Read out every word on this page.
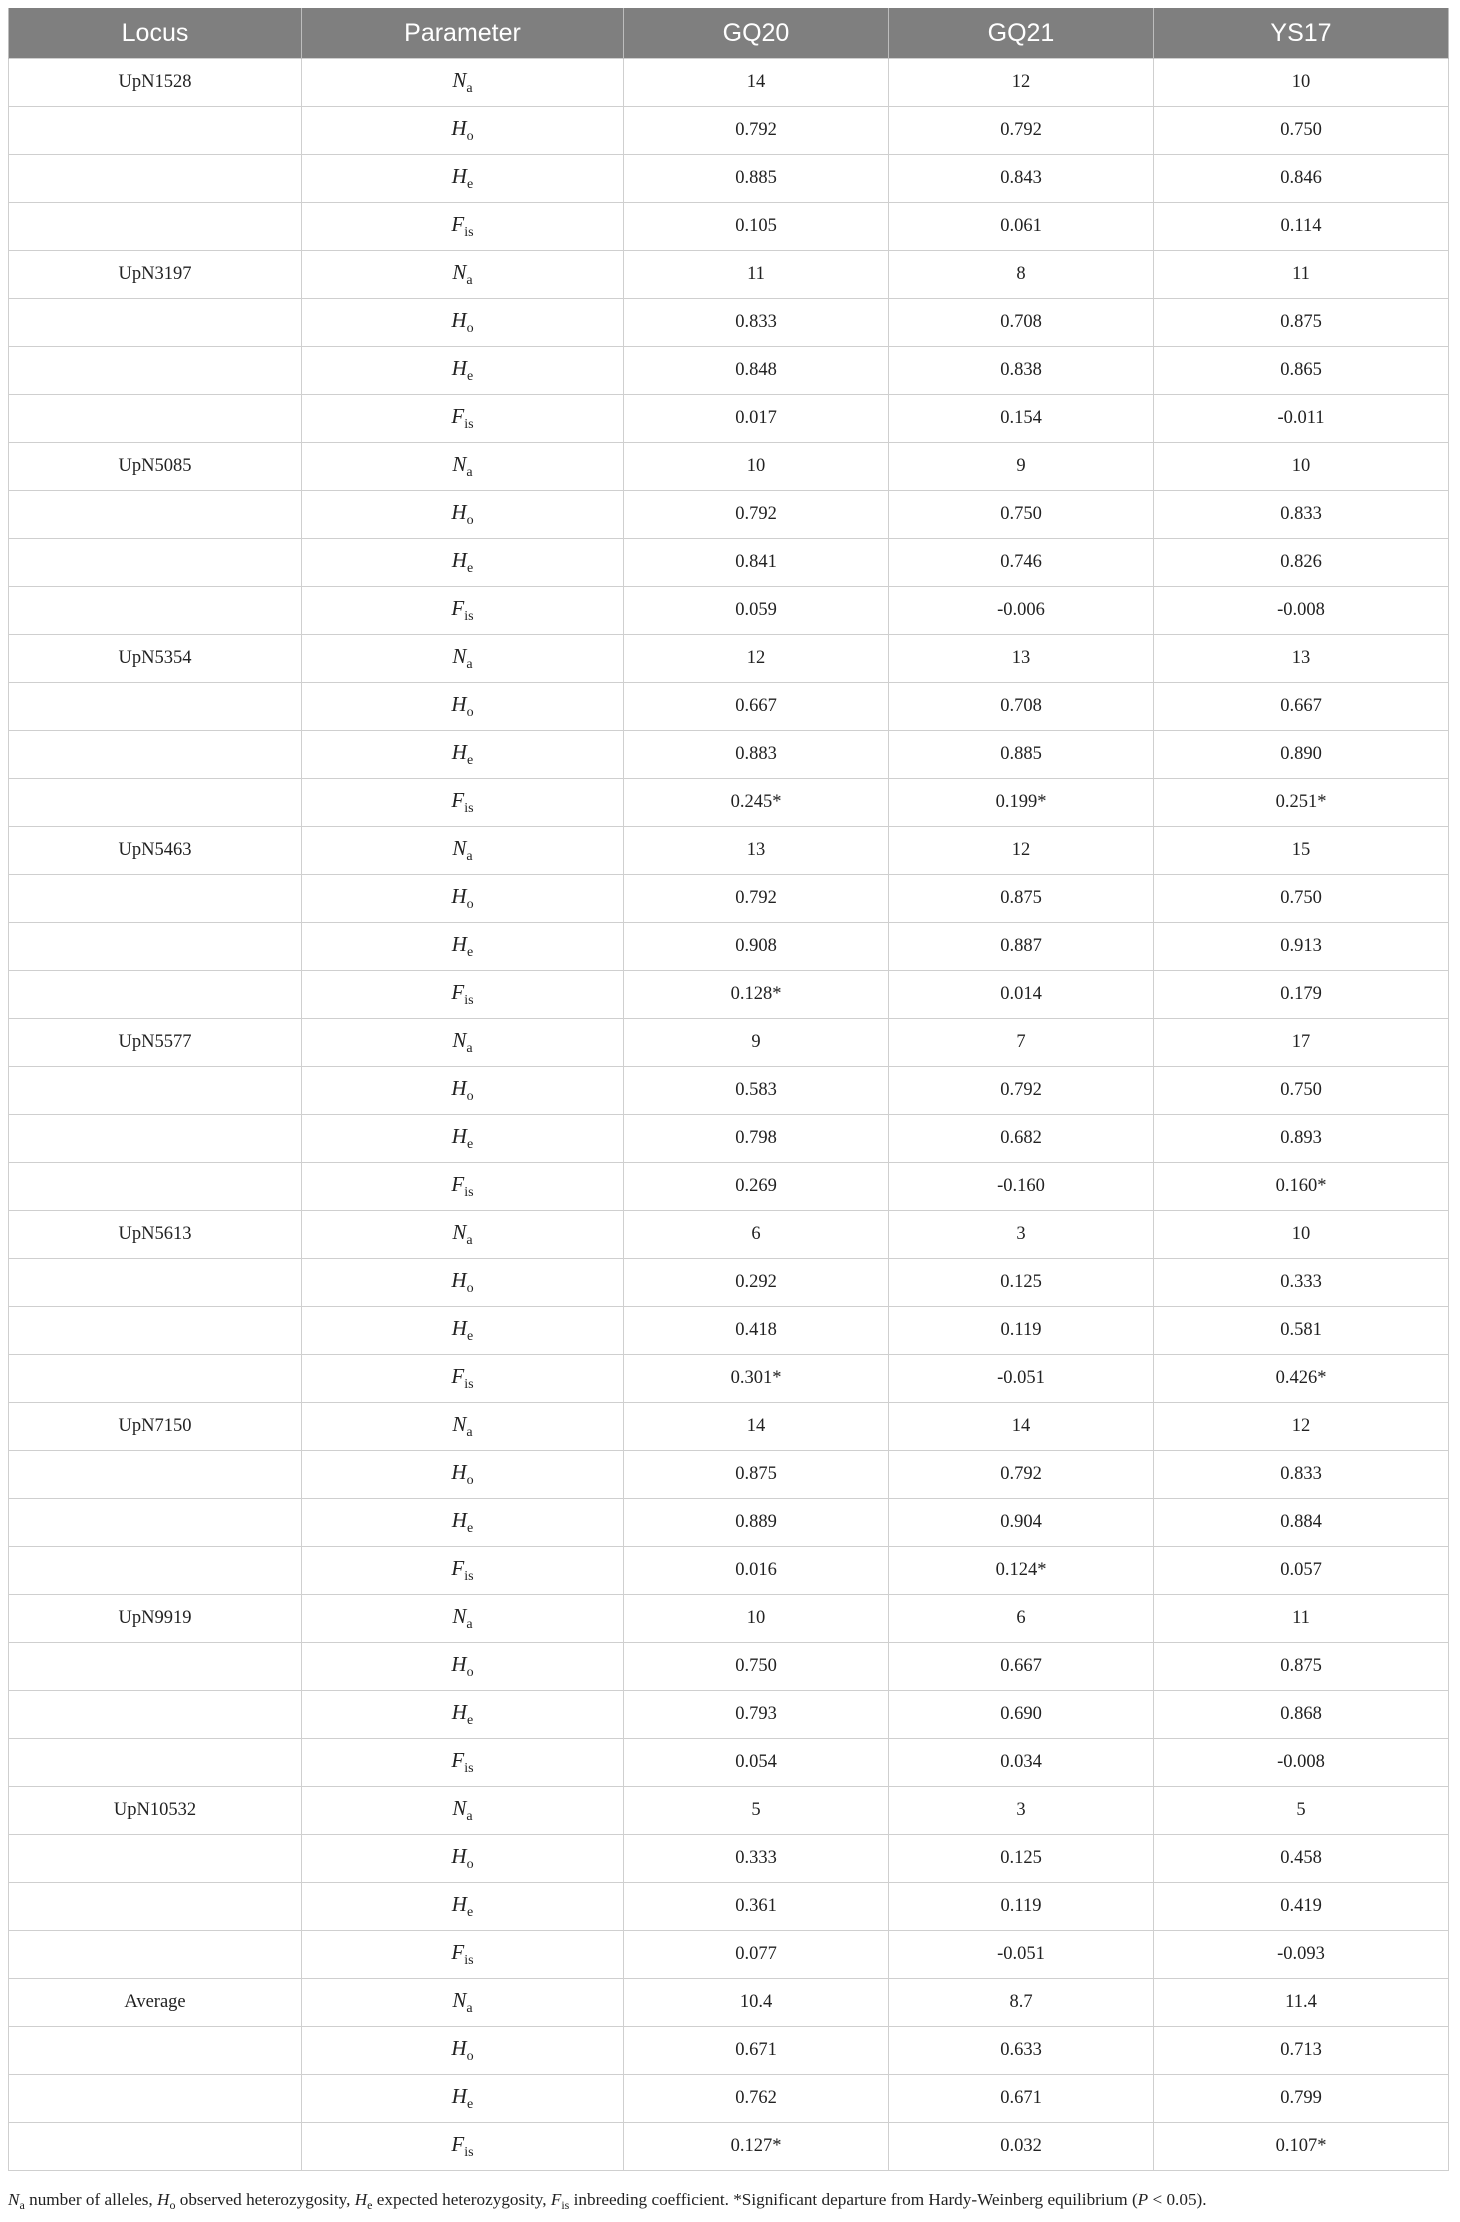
Locus	Parameter	GQ20	GQ21	YS17
UpN1528	$N_a$	14	12	10
	$H_o$	0.792	0.792	0.750
	$H_e$	0.885	0.843	0.846
	$F_{is}$	0.105	0.061	0.114
UpN3197	$N_a$	11	8	11
	$H_o$	0.833	0.708	0.875
	$H_e$	0.848	0.838	0.865
	$F_{is}$	0.017	0.154	-0.011
UpN5085	$N_a$	10	9	10
	$H_o$	0.792	0.750	0.833
	$H_e$	0.841	0.746	0.826
	$F_{is}$	0.059	-0.006	-0.008
UpN5354	$N_a$	12	13	13
	$H_o$	0.667	0.708	0.667
	$H_e$	0.883	0.885	0.890
	$F_{is}$	0.245*	0.199*	0.251*
UpN5463	$N_a$	13	12	15
	$H_o$	0.792	0.875	0.750
	$H_e$	0.908	0.887	0.913
	$F_{is}$	0.128*	0.014	0.179
UpN5577	$N_a$	9	7	17
	$H_o$	0.583	0.792	0.750
	$H_e$	0.798	0.682	0.893
	$F_{is}$	0.269	-0.160	0.160*
UpN5613	$N_a$	6	3	10
	$H_o$	0.292	0.125	0.333
	$H_e$	0.418	0.119	0.581
	$F_{is}$	0.301*	-0.051	0.426*
UpN7150	$N_a$	14	14	12
	$H_o$	0.875	0.792	0.833
	$H_e$	0.889	0.904	0.884
	$F_{is}$	0.016	0.124*	0.057
UpN9919	$N_a$	10	6	11
	$H_o$	0.750	0.667	0.875
	$H_e$	0.793	0.690	0.868
	$F_{is}$	0.054	0.034	-0.008
UpN10532	$N_a$	5	3	5
	$H_o$	0.333	0.125	0.458
	$H_e$	0.361	0.119	0.419
	$F_{is}$	0.077	-0.051	-0.093
Average	$N_a$	10.4	8.7	11.4
	$H_o$	0.671	0.633	0.713
	$H_e$	0.762	0.671	0.799
	$F_{is}$	0.127*	0.032	0.107*
$N_a$ number of alleles, $H_o$ observed heterozygosity, $H_e$ expected heterozygosity, $F_{is}$ inbreeding coefficient. *Significant departure from Hardy-Weinberg equilibrium (P < 0.05).
